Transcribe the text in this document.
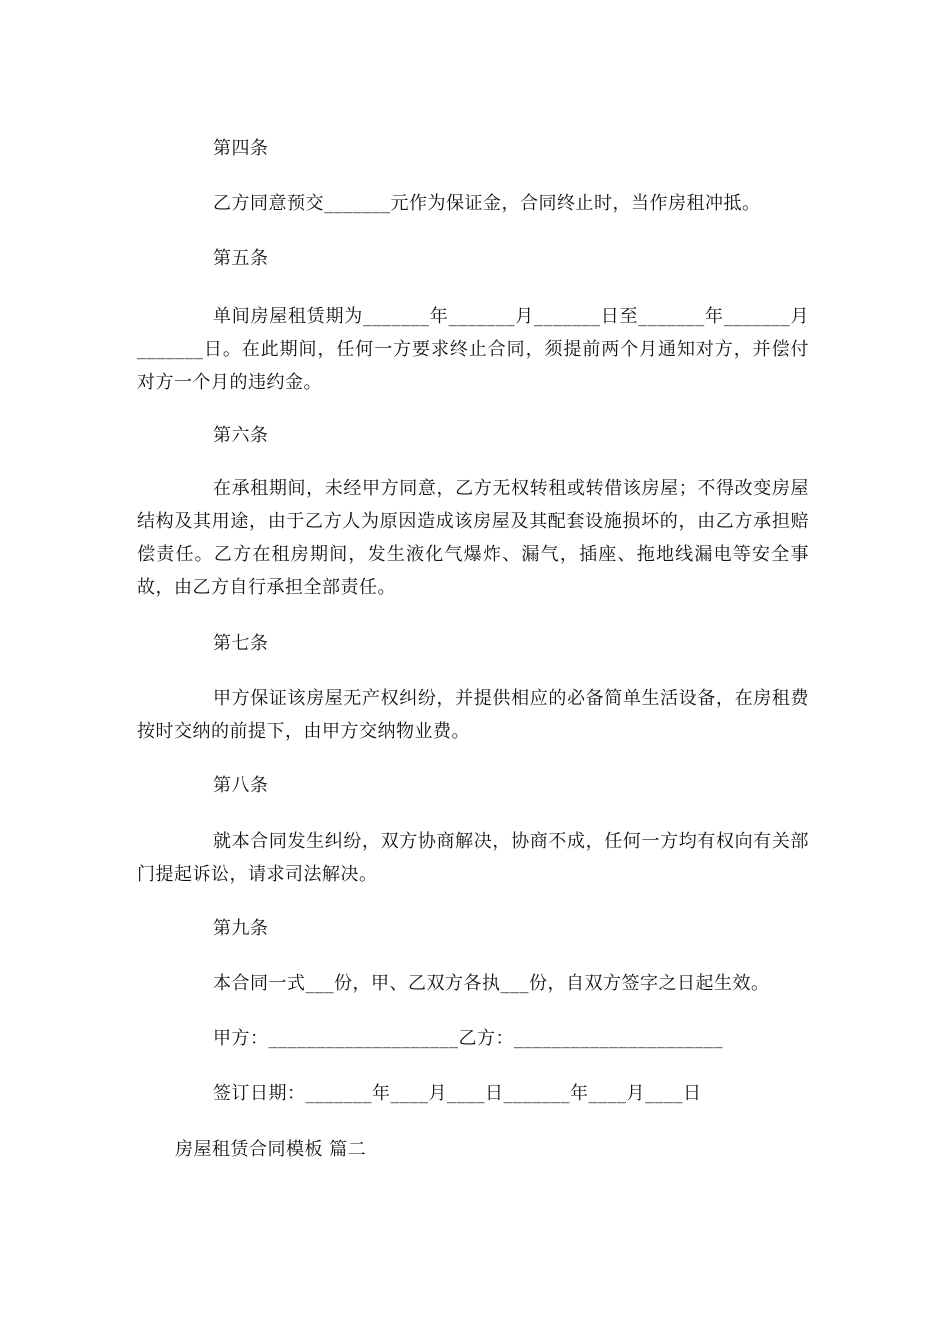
第四条
乙方同意预交_______元作为保证金，合同终止时，当作房租冲抵。
第五条
单间房屋租赁期为_______年_______月_______日至_______年_______月_______日。在此期间，任何一方要求终止合同，须提前两个月通知对方，并偿付对方一个月的违约金。
第六条
在承租期间，未经甲方同意，乙方无权转租或转借该房屋；不得改变房屋结构及其用途，由于乙方人为原因造成该房屋及其配套设施损坏的，由乙方承担赔偿责任。乙方在租房期间，发生液化气爆炸、漏气，插座、拖地线漏电等安全事故，由乙方自行承担全部责任。
第七条
甲方保证该房屋无产权纠纷，并提供相应的必备简单生活设备，在房租费按时交纳的前提下，由甲方交纳物业费。
第八条
就本合同发生纠纷，双方协商解决，协商不成，任何一方均有权向有关部门提起诉讼，请求司法解决。
第九条
本合同一式___份，甲、乙双方各执___份，自双方签字之日起生效。
甲方：____________________乙方：______________________
签订日期：_______年____月____日_______年____月____日
房屋租赁合同模板 篇二
